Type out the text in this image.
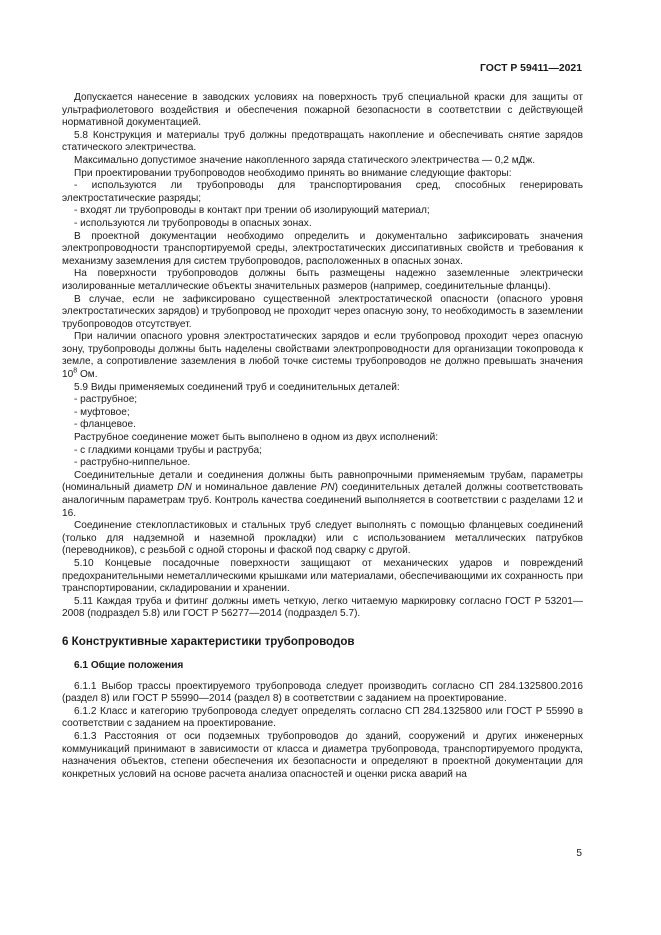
ГОСТ Р 59411—2021

Допускается нанесение в заводских условиях на поверхность труб специальной краски для защиты от ультрафиолетового воздействия и обеспечения пожарной безопасности в соответствии с действующей нормативной документацией.

5.8 Конструкция и материалы труб должны предотвращать накопление и обеспечивать снятие зарядов статического электричества.

Максимально допустимое значение накопленного заряда статического электричества — 0,2 мДж.

При проектировании трубопроводов необходимо принять во внимание следующие факторы:

- используются ли трубопроводы для транспортирования сред, способных генерировать электростатические разряды;

- входят ли трубопроводы в контакт при трении об изолирующий материал;

- используются ли трубопроводы в опасных зонах.

В проектной документации необходимо определить и документально зафиксировать значения электропроводности транспортируемой среды, электростатических диссипативных свойств и требования к механизму заземления для систем трубопроводов, расположенных в опасных зонах.

На поверхности трубопроводов должны быть размещены надежно заземленные электрически изолированные металлические объекты значительных размеров (например, соединительные фланцы).

В случае, если не зафиксировано существенной электростатической опасности (опасного уровня электростатических зарядов) и трубопровод не проходит через опасную зону, то необходимость в заземлении трубопроводов отсутствует.

При наличии опасного уровня электростатических зарядов и если трубопровод проходит через опасную зону, трубопроводы должны быть наделены свойствами электропроводности для организации токопровода к земле, а сопротивление заземления в любой точке системы трубопроводов не должно превышать значения $10^8$ Ом.

5.9 Виды применяемых соединений труб и соединительных деталей:

- раструбное;

- муфтовое;

- фланцевое.

Раструбное соединение может быть выполнено в одном из двух исполнений:

- с гладкими концами трубы и раструба;

- раструбно-ниппельное.

Соединительные детали и соединения должны быть равнопрочными применяемым трубам, параметры (номинальный диаметр DN и номинальное давление PN) соединительных деталей должны соответствовать аналогичным параметрам труб. Контроль качества соединений выполняется в соответствии с разделами 12 и 16.

Соединение стеклопластиковых и стальных труб следует выполнять с помощью фланцевых соединений (только для надземной и наземной прокладки) или с использованием металлических патрубков (переводников), с резьбой с одной стороны и фаской под сварку с другой.

5.10 Концевые посадочные поверхности защищают от механических ударов и повреждений предохранительными неметаллическими крышками или материалами, обеспечивающими их сохранность при транспортировании, складировании и хранении.

5.11 Каждая труба и фитинг должны иметь четкую, легко читаемую маркировку согласно ГОСТ Р 53201—2008 (подраздел 5.8) или ГОСТ Р 56277—2014 (подраздел 5.7).

6 Конструктивные характеристики трубопроводов
6.1 Общие положения

6.1.1 Выбор трассы проектируемого трубопровода следует производить согласно СП 284.1325800.2016 (раздел 8) или ГОСТ Р 55990—2014 (раздел 8) в соответствии с заданием на проектирование.

6.1.2 Класс и категорию трубопровода следует определять согласно СП 284.1325800 или ГОСТ Р 55990 в соответствии с заданием на проектирование.

6.1.3 Расстояния от оси подземных трубопроводов до зданий, сооружений и других инженерных коммуникаций принимают в зависимости от класса и диаметра трубопровода, транспортируемого продукта, назначения объектов, степени обеспечения их безопасности и определяют в проектной документации для конкретных условий на основе расчета анализа опасностей и оценки риска аварий на

5
